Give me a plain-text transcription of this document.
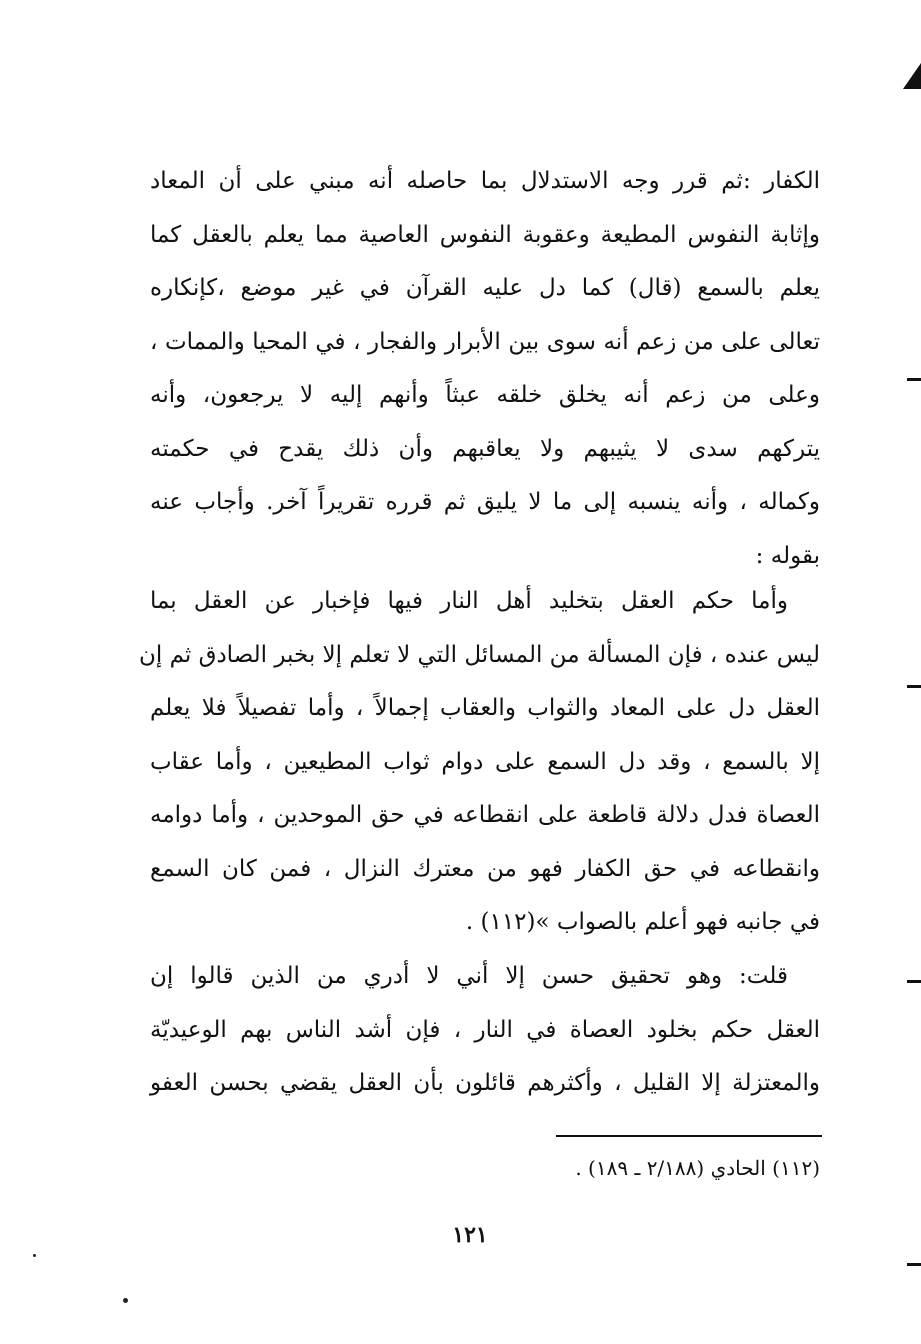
الكفار :ثم قرر وجه الاستدلال بما حاصله أنه مبني على أن المعاد
وإثابة النفوس المطيعة وعقوبة النفوس العاصية مما يعلم بالعقل كما
يعلم بالسمع (قال) كما دل عليه القرآن في غير موضع ،كإنكاره
تعالى على من زعم أنه سوى بين الأبرار والفجار ، في المحيا والممات ،
وعلى من زعم أنه يخلق خلقه عبثاً وأنهم إليه لا يرجعون، وأنه
يتركهم سدى لا يثيبهم ولا يعاقبهم وأن ذلك يقدح في حكمته
وكماله ، وأنه ينسبه إلى ما لا يليق ثم قرره تقريراً آخر. وأجاب عنه
بقوله :
وأما حكم العقل بتخليد أهل النار فيها فإخبار عن العقل بما
ليس عنده ، فإن المسألة من المسائل التي لا تعلم إلا بخبر الصادق ثم إن
العقل دل على المعاد والثواب والعقاب إجمالاً ، وأما تفصيلاً فلا يعلم
إلا بالسمع ، وقد دل السمع على دوام ثواب المطيعين ، وأما عقاب
العصاة فدل دلالة قاطعة على انقطاعه في حق الموحدين ، وأما دوامه
وانقطاعه في حق الكفار فهو من معترك النزال ، فمن كان السمع
في جانبه فهو أعلم بالصواب »(١١٢) .
قلت: وهو تحقيق حسن إلا أني لا أدري من الذين قالوا إن
العقل حكم بخلود العصاة في النار ، فإن أشد الناس بهم الوعيديّة
والمعتزلة إلا القليل ، وأكثرهم قائلون بأن العقل يقضي بحسن العفو
(١١٢) الحادي (٢/١٨٨ ـ ١٨٩) .
١٢١
